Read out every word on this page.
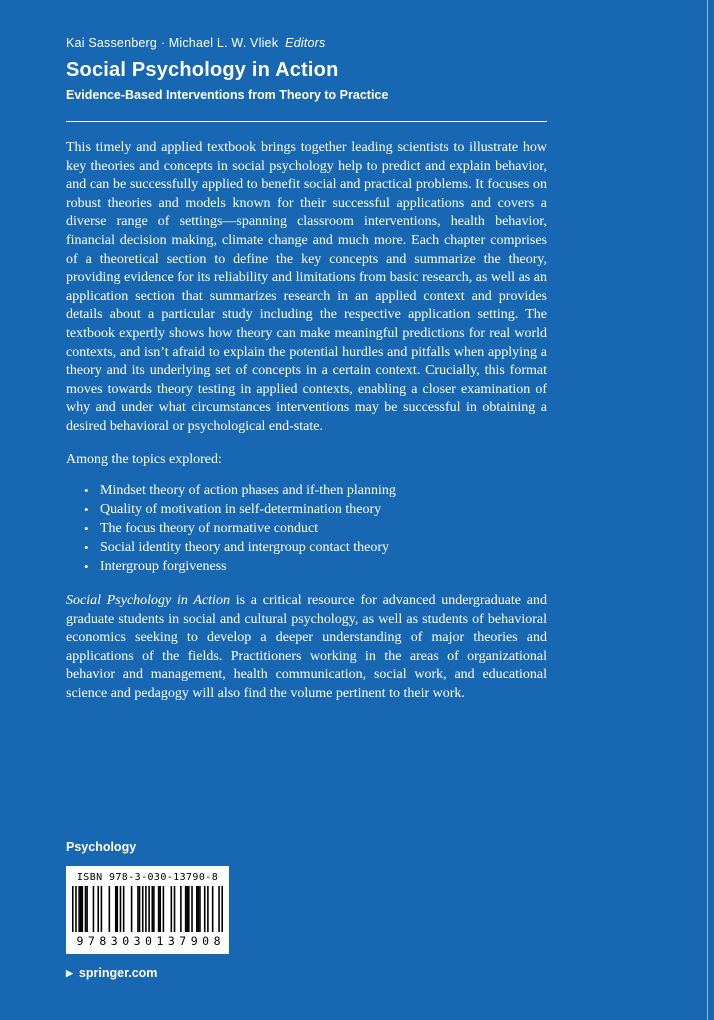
Kai Sassenberg · Michael L. W. Vliek Editors

Social Psychology in Action
Evidence-Based Interventions from Theory to Practice

This timely and applied textbook brings together leading scientists to illustrate how key theories and concepts in social psychology help to predict and explain behavior, and can be successfully applied to benefit social and practical problems. It focuses on robust theories and models known for their successful applications and covers a diverse range of settings—spanning classroom interventions, health behavior, financial decision making, climate change and much more. Each chapter comprises of a theoretical section to define the key concepts and summarize the theory, providing evidence for its reliability and limitations from basic research, as well as an application section that summarizes research in an applied context and provides details about a particular study including the respective application setting. The textbook expertly shows how theory can make meaningful predictions for real world contexts, and isn’t afraid to explain the potential hurdles and pitfalls when applying a theory and its underlying set of concepts in a certain context. Crucially, this format moves towards theory testing in applied contexts, enabling a closer examination of why and under what circumstances interventions may be successful in obtaining a desired behavioral or psychological end-state.

Among the topics explored:

• Mindset theory of action phases and if-then planning
• Quality of motivation in self-determination theory
• The focus theory of normative conduct
• Social identity theory and intergroup contact theory
• Intergroup forgiveness

Social Psychology in Action is a critical resource for advanced undergraduate and graduate students in social and cultural psychology, as well as students of behavioral economics seeking to develop a deeper understanding of major theories and applications of the fields. Practitioners working in the areas of organizational behavior and management, health communication, social work, and educational science and pedagogy will also find the volume pertinent to their work.

Psychology

ISBN 978-3-030-13790-8
9783030137908

▶ springer.com
